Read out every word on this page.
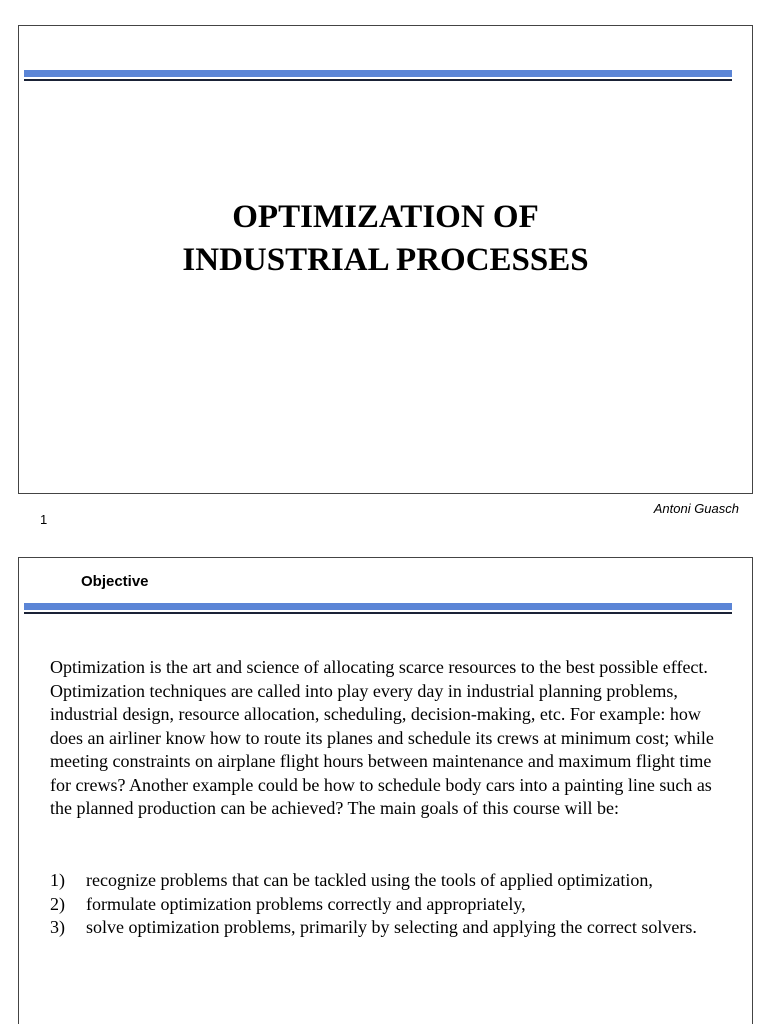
OPTIMIZATION OF
INDUSTRIAL PROCESSES
Antoni Guasch
1
Objective
Optimization is the art and science of allocating scarce resources to the best possible effect. Optimization techniques are called into play every day in industrial planning problems, industrial design, resource allocation, scheduling, decision-making, etc. For example: how does an airliner know how to route its planes and schedule its crews at minimum cost; while meeting constraints on airplane flight hours between maintenance and maximum flight time for crews? Another example could be how to schedule body cars into a painting line such as the planned production can be achieved? The main goals of this course will be:
1)	recognize problems that can be tackled using the tools of applied optimization,
2)	formulate optimization problems correctly and appropriately,
3)	solve optimization problems, primarily by selecting and applying the correct solvers.
